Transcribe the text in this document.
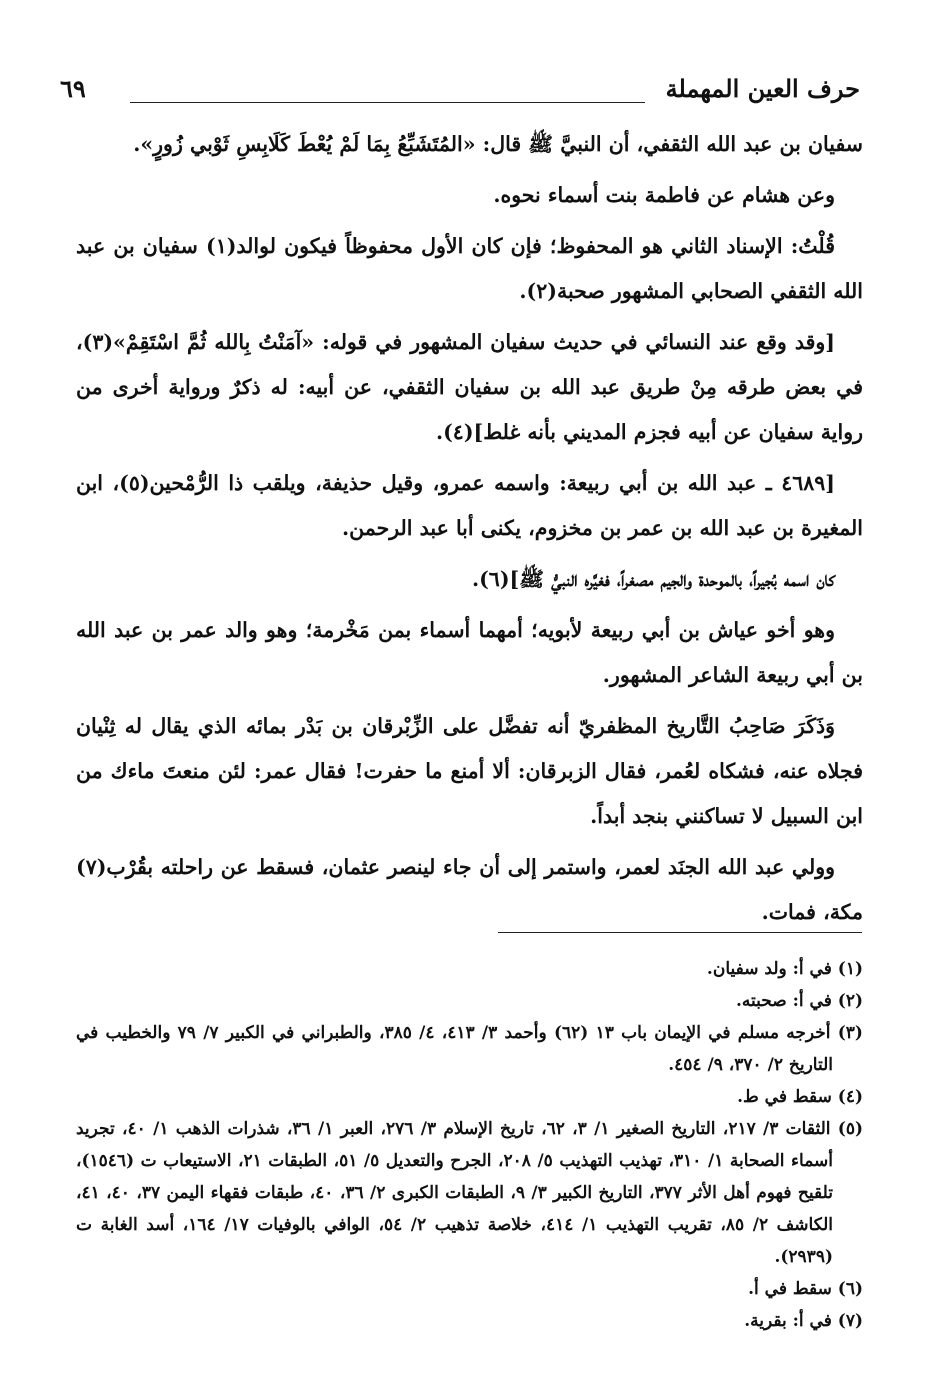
حرف العين المهملة
٦٩

سفيان بن عبد الله الثقفي، أن النبيَّ ﷺ قال: «المُتَشَبِّعُ بِمَا لَمْ يُعْطَ كَلَابِسِ ثَوْبي زُورٍ».

وعن هشام عن فاطمة بنت أسماء نحوه.

قُلْتُ: الإسناد الثاني هو المحفوظ؛ فإن كان الأول محفوظاً فيكون لوالد(١) سفيان بن عبد الله الثقفي الصحابي المشهور صحبة(٢).

[وقد وقع عند النسائي في حديث سفيان المشهور في قوله: «آمَنْتُ بِالله ثُمَّ اسْتَقِمْ»(٣)، في بعض طرقه مِنْ طريق عبد الله بن سفيان الثقفي، عن أبيه: له ذكرٌ ورواية أخرى من رواية سفيان عن أبيه فجزم المديني بأنه غلط](٤).

[٤٦٨٩ ـ عبد الله بن أبي ربيعة: واسمه عمرو، وقيل حذيفة، ويلقب ذا الرُّمْحين(٥)، ابن المغيرة بن عبد الله بن عمر بن مخزوم، يكنى أبا عبد الرحمن.

كان اسمه بُجيراً، بالموحدة والجيم مصغراً، فغيَّره النبيُّ ﷺ](٦).

وهو أخو عياش بن أبي ربيعة لأبويه؛ أمهما أسماء بمن مَخْرمة؛ وهو والد عمر بن عبد الله بن أبي ربيعة الشاعر المشهور.

وَذَكَرَ صَاحِبُ التَّاريخ المظفريّ أنه تفضَّل على الزِّبْرقان بن بَدْر بمائه الذي يقال له ثِنْيان فجلاه عنه، فشكاه لعُمر، فقال الزبرقان: ألا أمنع ما حفرت! فقال عمر: لئن منعتَ ماءك من ابن السبيل لا تساكنني بنجد أبداً.

وولي عبد الله الجنَد لعمر، واستمر إلى أن جاء لينصر عثمان، فسقط عن راحلته بقُرْب(٧) مكة، فمات.

(١) في أ: ولد سفيان.

(٢) في أ: صحبته.

(٣) أخرجه مسلم في الإيمان باب ١٣ (٦٢) وأحمد ٣/ ٤١٣، ٤/ ٣٨٥، والطبراني في الكبير ٧/ ٧٩ والخطيب في التاريخ ٢/ ٣٧٠، ٩/ ٤٥٤.

(٤) سقط في ط.

(٥) الثقات ٣/ ٢١٧، التاريخ الصغير ١/ ٣، ٦٢، تاريخ الإسلام ٣/ ٢٧٦، العبر ١/ ٣٦، شذرات الذهب ١/ ٤٠، تجريد أسماء الصحابة ١/ ٣١٠، تهذيب التهذيب ٥/ ٢٠٨، الجرح والتعديل ٥/ ٥١، الطبقات ٢١، الاستيعاب ت (١٥٤٦)، تلقيح فهوم أهل الأثر ٣٧٧، التاريخ الكبير ٣/ ٩، الطبقات الكبرى ٢/ ٣٦، ٤٠، طبقات فقهاء اليمن ٣٧، ٤٠، ٤١، الكاشف ٢/ ٨٥، تقريب التهذيب ١/ ٤١٤، خلاصة تذهيب ٢/ ٥٤، الوافي بالوفيات ١٧/ ١٦٤، أسد الغابة ت (٢٩٣٩).

(٦) سقط في أ.

(٧) في أ: بقرية.
